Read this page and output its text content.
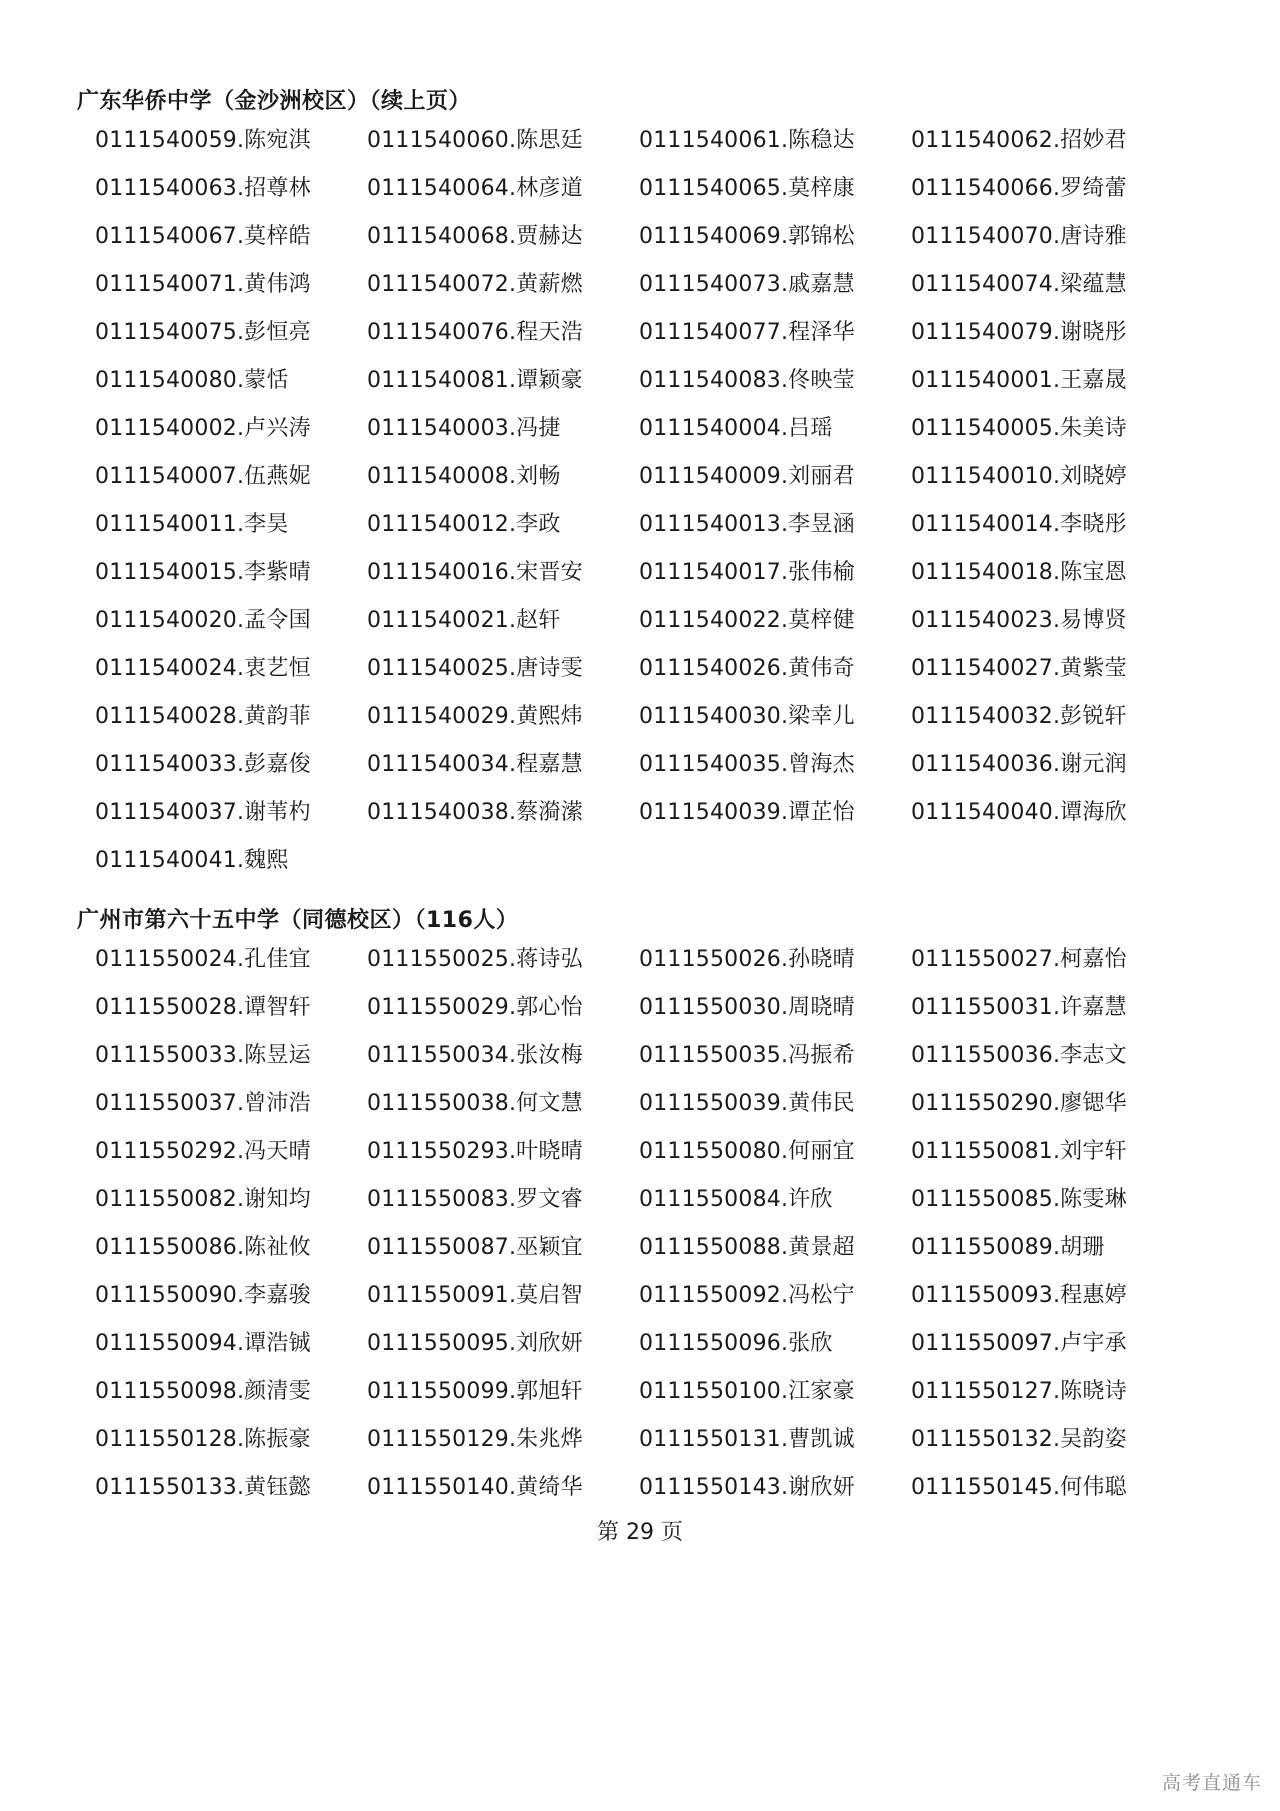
广东华侨中学（金沙洲校区）（续上页）
0111540059.陈宛淇	0111540060.陈思廷	0111540061.陈稳达	0111540062.招妙君
0111540063.招尊林	0111540064.林彦道	0111540065.莫梓康	0111540066.罗绮蕾
0111540067.莫梓皓	0111540068.贾赫达	0111540069.郭锦松	0111540070.唐诗雅
0111540071.黄伟鸿	0111540072.黄薪燃	0111540073.戚嘉慧	0111540074.梁蕴慧
0111540075.彭恒亮	0111540076.程天浩	0111540077.程泽华	0111540079.谢晓彤
0111540080.蒙恬	0111540081.谭颖豪	0111540083.佟映莹	0111540001.王嘉晟
0111540002.卢兴涛	0111540003.冯捷	0111540004.吕瑶	0111540005.朱美诗
0111540007.伍燕妮	0111540008.刘畅	0111540009.刘丽君	0111540010.刘晓婷
0111540011.李昊	0111540012.李政	0111540013.李昱涵	0111540014.李晓彤
0111540015.李紫晴	0111540016.宋晋安	0111540017.张伟榆	0111540018.陈宝恩
0111540020.孟令国	0111540021.赵轩	0111540022.莫梓健	0111540023.易博贤
0111540024.衷艺恒	0111540025.唐诗雯	0111540026.黄伟奇	0111540027.黄紫莹
0111540028.黄韵菲	0111540029.黄熙炜	0111540030.梁幸儿	0111540032.彭锐轩
0111540033.彭嘉俊	0111540034.程嘉慧	0111540035.曾海杰	0111540036.谢元润
0111540037.谢苇杓	0111540038.蔡漪潆	0111540039.谭芷怡	0111540040.谭海欣
0111540041.魏熙
广州市第六十五中学（同德校区）（116人）
0111550024.孔佳宜	0111550025.蒋诗弘	0111550026.孙晓晴	0111550027.柯嘉怡
0111550028.谭智轩	0111550029.郭心怡	0111550030.周晓晴	0111550031.许嘉慧
0111550033.陈昱运	0111550034.张汝梅	0111550035.冯振希	0111550036.李志文
0111550037.曾沛浩	0111550038.何文慧	0111550039.黄伟民	0111550290.廖锶华
0111550292.冯天晴	0111550293.叶晓晴	0111550080.何丽宜	0111550081.刘宇轩
0111550082.谢知均	0111550083.罗文睿	0111550084.许欣	0111550085.陈雯琳
0111550086.陈祉攸	0111550087.巫颖宜	0111550088.黄景超	0111550089.胡珊
0111550090.李嘉骏	0111550091.莫启智	0111550092.冯松宁	0111550093.程惠婷
0111550094.谭浩铖	0111550095.刘欣妍	0111550096.张欣	0111550097.卢宇承
0111550098.颜清雯	0111550099.郭旭轩	0111550100.江家豪	0111550127.陈晓诗
0111550128.陈振豪	0111550129.朱兆烨	0111550131.曹凯诚	0111550132.吴韵姿
0111550133.黄钰懿	0111550140.黄绮华	0111550143.谢欣妍	0111550145.何伟聪
第 29 页
高考直通车
